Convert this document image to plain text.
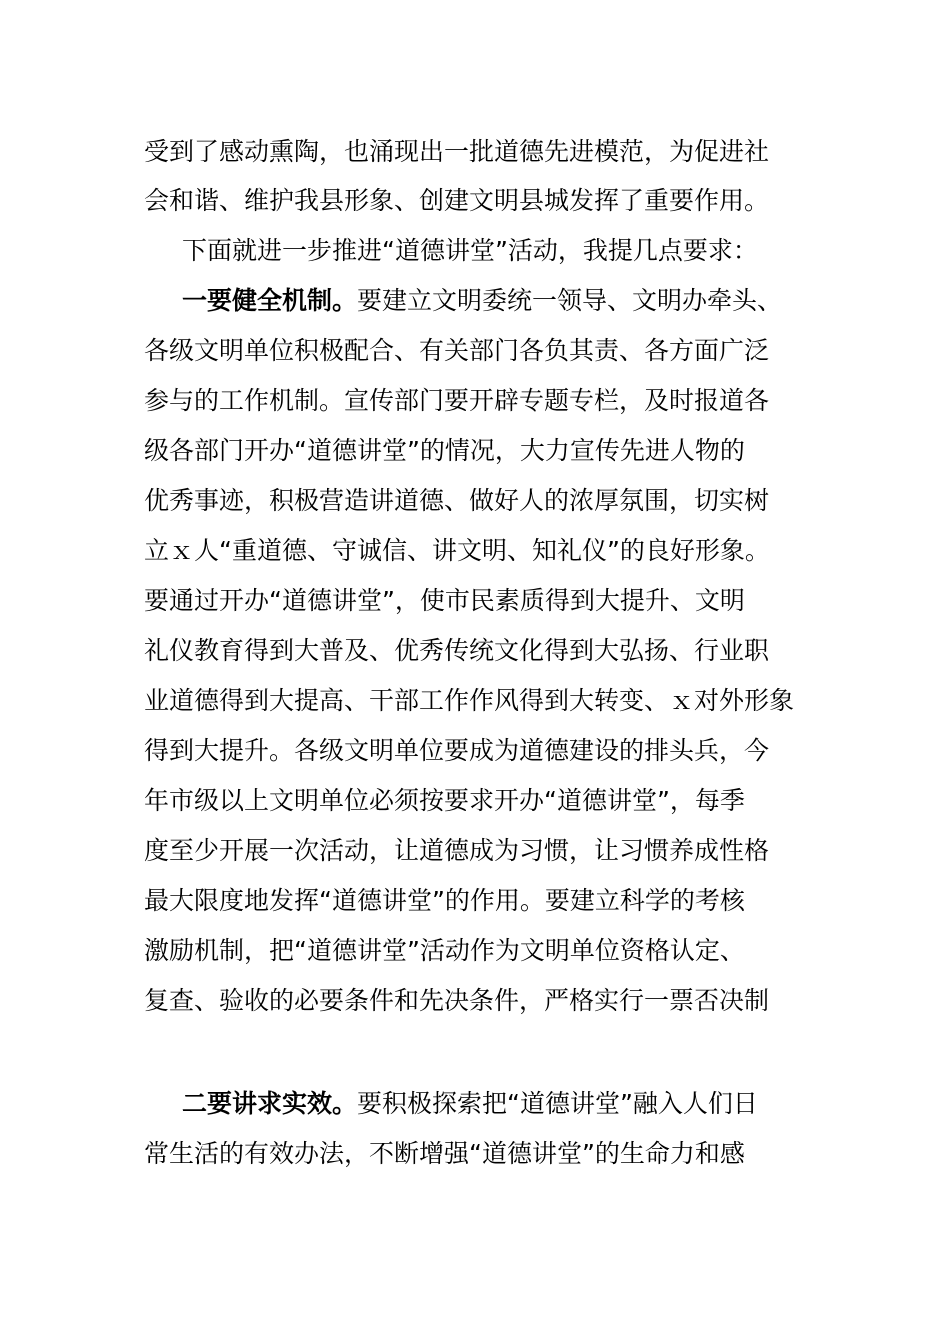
受到了感动熏陶，也涌现出一批道德先进模范，为促进社
会和谐、维护我县形象、创建文明县城发挥了重要作用。
下面就进一步推进“道德讲堂”活动，我提几点要求：
一要健全机制。要建立文明委统一领导、文明办牵头、
各级文明单位积极配合、有关部门各负其责、各方面广泛
参与的工作机制。宣传部门要开辟专题专栏，及时报道各
级各部门开办“道德讲堂”的情况，大力宣传先进人物的
优秀事迹，积极营造讲道德、做好人的浓厚氛围，切实树
立ｘ人“重道德、守诚信、讲文明、知礼仪”的良好形象。
要通过开办“道德讲堂”，使市民素质得到大提升、文明
礼仪教育得到大普及、优秀传统文化得到大弘扬、行业职
业道德得到大提高、干部工作作风得到大转变、ｘ对外形象
得到大提升。各级文明单位要成为道德建设的排头兵，今
年市级以上文明单位必须按要求开办“道德讲堂”，每季
度至少开展一次活动，让道德成为习惯，让习惯养成性格
最大限度地发挥“道德讲堂”的作用。要建立科学的考核
激励机制，把“道德讲堂”活动作为文明单位资格认定、
复查、验收的必要条件和先决条件，严格实行一票否决制
二要讲求实效。要积极探索把“道德讲堂”融入人们日
常生活的有效办法，不断增强“道德讲堂”的生命力和感
